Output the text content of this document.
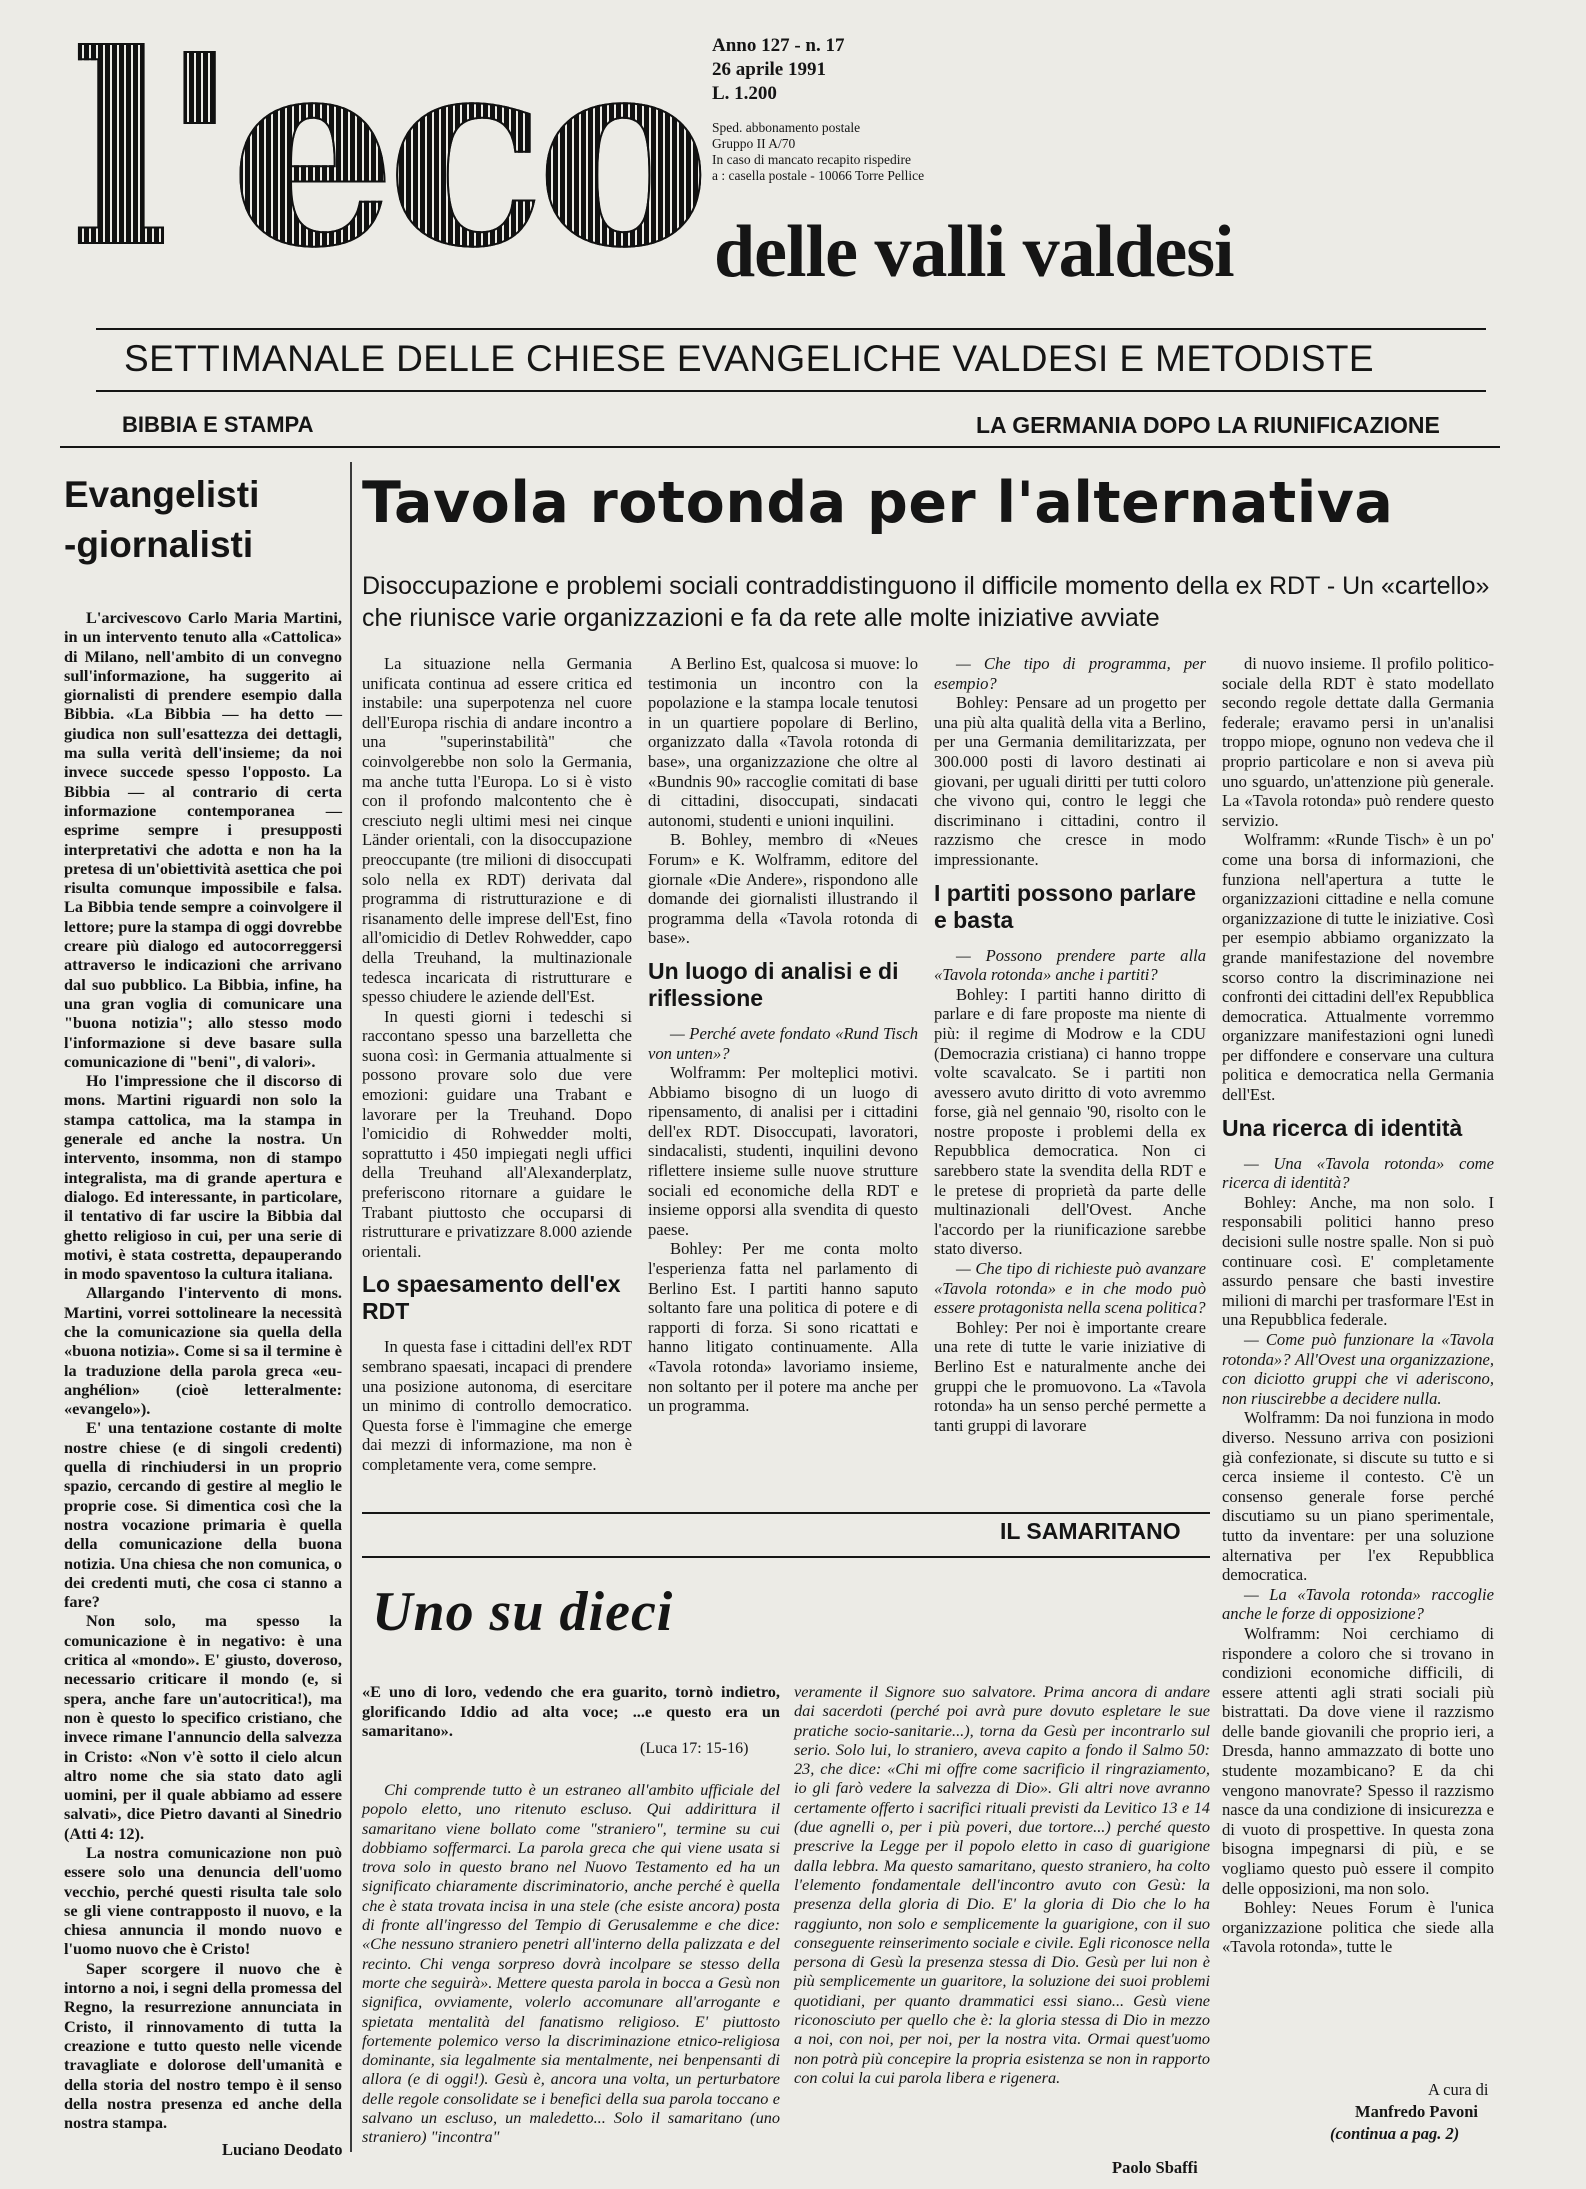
l'eco Anno 127 - n. 17
26 aprile 1991
L. 1.200
Sped. abbonamento postale
Gruppo II A/70
In caso di mancato recapito rispedire
a : casella postale - 10066 Torre Pellice
delle valli valdesi
SETTIMANALE DELLE CHIESE EVANGELICHE VALDESI E METODISTE
BIBBIA E STAMPA	LA GERMANIA DOPO LA RIUNIFICAZIONE
Evangelisti
-giornalisti

L'arcivescovo Carlo Maria Martini, in un intervento tenuto alla «Cattolica» di Milano, nell'ambito di un convegno sull'informazione, ha suggerito ai giornalisti di prendere esempio dalla Bibbia. «La Bibbia — ha detto — giudica non sull'esattezza dei dettagli, ma sulla verità dell'insieme; da noi invece succede spesso l'opposto. La Bibbia — al contrario di certa informazione contemporanea — esprime sempre i presupposti interpretativi che adotta e non ha la pretesa di un'obiettività asettica che poi risulta comunque impossibile e falsa. La Bibbia tende sempre a coinvolgere il lettore; pure la stampa di oggi dovrebbe creare più dialogo ed autocorreggersi attraverso le indicazioni che arrivano dal suo pubblico. La Bibbia, infine, ha una gran voglia di comunicare una "buona notizia"; allo stesso modo l'informazione si deve basare sulla comunicazione di "beni", di valori».

Ho l'impressione che il discorso di mons. Martini riguardi non solo la stampa cattolica, ma la stampa in generale ed anche la nostra. Un intervento, insomma, non di stampo integralista, ma di grande apertura e dialogo. Ed interessante, in particolare, il tentativo di far uscire la Bibbia dal ghetto religioso in cui, per una serie di motivi, è stata costretta, depauperando in modo spaventoso la cultura italiana.

Allargando l'intervento di mons. Martini, vorrei sottolineare la necessità che la comunicazione sia quella della «buona notizia». Come si sa il termine è la traduzione della parola greca «eu-anghélion» (cioè letteralmente: «evangelo»).

E' una tentazione costante di molte nostre chiese (e di singoli credenti) quella di rinchiudersi in un proprio spazio, cercando di gestire al meglio le proprie cose. Si dimentica così che la nostra vocazione primaria è quella della comunicazione della buona notizia. Una chiesa che non comunica, o dei credenti muti, che cosa ci stanno a fare?

Non solo, ma spesso la comunicazione è in negativo: è una critica al «mondo». E' giusto, doveroso, necessario criticare il mondo (e, si spera, anche fare un'autocritica!), ma non è questo lo specifico cristiano, che invece rimane l'annuncio della salvezza in Cristo: «Non v'è sotto il cielo alcun altro nome che sia stato dato agli uomini, per il quale abbiamo ad essere salvati», dice Pietro davanti al Sinedrio (Atti 4: 12).

La nostra comunicazione non può essere solo una denuncia dell'uomo vecchio, perché questi risulta tale solo se gli viene contrapposto il nuovo, e la chiesa annuncia il mondo nuovo e l'uomo nuovo che è Cristo!

Saper scorgere il nuovo che è intorno a noi, i segni della promessa del Regno, la resurrezione annunciata in Cristo, il rinnovamento di tutta la creazione e tutto questo nelle vicende travagliate e dolorose dell'umanità e della storia del nostro tempo è il senso della nostra presenza ed anche della nostra stampa.

Luciano Deodato
Tavola rotonda per l'alternativa
Disoccupazione e problemi sociali contraddistinguono il difficile momento della ex RDT - Un «cartello» che riunisce varie organizzazioni e fa da rete alle molte iniziative avviate

La situazione nella Germania unificata continua ad essere critica ed instabile: una superpotenza nel cuore dell'Europa rischia di andare incontro a una "superinstabilità" che coinvolgerebbe non solo la Germania, ma anche tutta l'Europa. Lo si è visto con il profondo malcontento che è cresciuto negli ultimi mesi nei cinque Länder orientali, con la disoccupazione preoccupante (tre milioni di disoccupati solo nella ex RDT) derivata dal programma di ristrutturazione e di risanamento delle imprese dell'Est, fino all'omicidio di Detlev Rohwedder, capo della Treuhand, la multinazionale tedesca incaricata di ristrutturare e spesso chiudere le aziende dell'Est.

In questi giorni i tedeschi si raccontano spesso una barzelletta che suona così: in Germania attualmente si possono provare solo due vere emozioni: guidare una Trabant e lavorare per la Treuhand. Dopo l'omicidio di Rohwedder molti, soprattutto i 450 impiegati negli uffici della Treuhand all'Alexanderplatz, preferiscono ritornare a guidare le Trabant piuttosto che occuparsi di ristrutturare e privatizzare 8.000 aziende orientali.

Lo spaesamento dell'ex RDT

In questa fase i cittadini dell'ex RDT sembrano spaesati, incapaci di prendere una posizione autonoma, di esercitare un minimo di controllo democratico. Questa forse è l'immagine che emerge dai mezzi di informazione, ma non è completamente vera, come sempre.

A Berlino Est, qualcosa si muove: lo testimonia un incontro con la popolazione e la stampa locale tenutosi in un quartiere popolare di Berlino, organizzato dalla «Tavola rotonda di base», una organizzazione che oltre al «Bundnis 90» raccoglie comitati di base di cittadini, disoccupati, sindacati autonomi, studenti e unioni inquilini.

B. Bohley, membro di «Neues Forum» e K. Wolframm, editore del giornale «Die Andere», rispondono alle domande dei giornalisti illustrando il programma della «Tavola rotonda di base».

Un luogo di analisi e di riflessione

— Perché avete fondato «Rund Tisch von unten»?

Wolframm: Per molteplici motivi. Abbiamo bisogno di un luogo di ripensamento, di analisi per i cittadini dell'ex RDT. Disoccupati, lavoratori, sindacalisti, studenti, inquilini devono riflettere insieme sulle nuove strutture sociali ed economiche della RDT e insieme opporsi alla svendita di questo paese.

Bohley: Per me conta molto l'esperienza fatta nel parlamento di Berlino Est. I partiti hanno saputo soltanto fare una politica di potere e di rapporti di forza. Si sono ricattati e hanno litigato continuamente. Alla «Tavola rotonda» lavoriamo insieme, non soltanto per il potere ma anche per un programma.

— Che tipo di programma, per esempio?

Bohley: Pensare ad un progetto per una più alta qualità della vita a Berlino, per una Germania demilitarizzata, per 300.000 posti di lavoro destinati ai giovani, per uguali diritti per tutti coloro che vivono qui, contro le leggi che discriminano i cittadini, contro il razzismo che cresce in modo impressionante.

I partiti possono parlare e basta

— Possono prendere parte alla «Tavola rotonda» anche i partiti?

Bohley: I partiti hanno diritto di parlare e di fare proposte ma niente di più: il regime di Modrow e la CDU (Democrazia cristiana) ci hanno troppe volte scavalcato. Se i partiti non avessero avuto diritto di voto avremmo forse, già nel gennaio '90, risolto con le nostre proposte i problemi della ex Repubblica democratica. Non ci sarebbero state la svendita della RDT e le pretese di proprietà da parte delle multinazionali dell'Ovest. Anche l'accordo per la riunificazione sarebbe stato diverso.

— Che tipo di richieste può avanzare «Tavola rotonda» e in che modo può essere protagonista nella scena politica?

Bohley: Per noi è importante creare una rete di tutte le varie iniziative di Berlino Est e naturalmente anche dei gruppi che le promuovono. La «Tavola rotonda» ha un senso perché permette a tanti gruppi di lavorare

di nuovo insieme. Il profilo politico-sociale della RDT è stato modellato secondo regole dettate dalla Germania federale; eravamo persi in un'analisi troppo miope, ognuno non vedeva che il proprio particolare e non si aveva più uno sguardo, un'attenzione più generale. La «Tavola rotonda» può rendere questo servizio.

Wolframm: «Runde Tisch» è un po' come una borsa di informazioni, che funziona nell'apertura a tutte le organizzazioni cittadine e nella comune organizzazione di tutte le iniziative. Così per esempio abbiamo organizzato la grande manifestazione del novembre scorso contro la discriminazione nei confronti dei cittadini dell'ex Repubblica democratica. Attualmente vorremmo organizzare manifestazioni ogni lunedì per diffondere e conservare una cultura politica e democratica nella Germania dell'Est.

Una ricerca di identità

— Una «Tavola rotonda» come ricerca di identità?

Bohley: Anche, ma non solo. I responsabili politici hanno preso decisioni sulle nostre spalle. Non si può continuare così. E' completamente assurdo pensare che basti investire milioni di marchi per trasformare l'Est in una Repubblica federale.

— Come può funzionare la «Tavola rotonda»? All'Ovest una organizzazione, con diciotto gruppi che vi aderiscono, non riuscirebbe a decidere nulla.

Wolframm: Da noi funziona in modo diverso. Nessuno arriva con posizioni già confezionate, si discute su tutto e si cerca insieme il contesto. C'è un consenso generale forse perché discutiamo su un piano sperimentale, tutto da inventare: per una soluzione alternativa per l'ex Repubblica democratica.

— La «Tavola rotonda» raccoglie anche le forze di opposizione?

Wolframm: Noi cerchiamo di rispondere a coloro che si trovano in condizioni economiche difficili, di essere attenti agli strati sociali più bistrattati. Da dove viene il razzismo delle bande giovanili che proprio ieri, a Dresda, hanno ammazzato di botte uno studente mozambicano? E da chi vengono manovrate? Spesso il razzismo nasce da una condizione di insicurezza e di vuoto di prospettive. In questa zona bisogna impegnarsi di più, e se vogliamo questo può essere il compito delle opposizioni, ma non solo.

Bohley: Neues Forum è l'unica organizzazione politica che siede alla «Tavola rotonda», tutte le

A cura di
Manfredo Pavoni
(continua a pag. 2)
IL SAMARITANO
Uno su dieci
«E uno di loro, vedendo che era guarito, tornò indietro, glorificando Iddio ad alta voce; ...e questo era un samaritano».
(Luca 17: 15-16)
Chi comprende tutto è un estraneo all'ambito ufficiale del popolo eletto, uno ritenuto escluso. Qui addirittura il samaritano viene bollato come "straniero", termine su cui dobbiamo soffermarci. La parola greca che qui viene usata si trova solo in questo brano nel Nuovo Testamento ed ha un significato chiaramente discriminatorio, anche perché è quella che è stata trovata incisa in una stele (che esiste ancora) posta di fronte all'ingresso del Tempio di Gerusalemme e che dice: «Che nessuno straniero penetri all'interno della palizzata e del recinto. Chi venga sorpreso dovrà incolpare se stesso della morte che seguirà». Mettere questa parola in bocca a Gesù non significa, ovviamente, volerlo accomunare all'arrogante e spietata mentalità del fanatismo religioso. E' piuttosto fortemente polemico verso la discriminazione etnico-religiosa dominante, sia legalmente sia mentalmente, nei benpensanti di allora (e di oggi!). Gesù è, ancora una volta, un perturbatore delle regole consolidate se i benefici della sua parola toccano e salvano un escluso, un maledetto... Solo il samaritano (uno straniero) "incontra"
veramente il Signore suo salvatore. Prima ancora di andare dai sacerdoti (perché poi avrà pure dovuto espletare le sue pratiche socio-sanitarie...), torna da Gesù per incontrarlo sul serio. Solo lui, lo straniero, aveva capito a fondo il Salmo 50: 23, che dice: «Chi mi offre come sacrificio il ringraziamento, io gli farò vedere la salvezza di Dio». Gli altri nove avranno certamente offerto i sacrifici rituali previsti da Levitico 13 e 14 (due agnelli o, per i più poveri, due tortore...) perché questo prescrive la Legge per il popolo eletto in caso di guarigione dalla lebbra. Ma questo samaritano, questo straniero, ha colto l'elemento fondamentale dell'incontro avuto con Gesù: la presenza della gloria di Dio. E' la gloria di Dio che lo ha raggiunto, non solo e semplicemente la guarigione, con il suo conseguente reinserimento sociale e civile. Egli riconosce nella persona di Gesù la presenza stessa di Dio. Gesù per lui non è più semplicemente un guaritore, la soluzione dei suoi problemi quotidiani, per quanto drammatici essi siano... Gesù viene riconosciuto per quello che è: la gloria stessa di Dio in mezzo a noi, con noi, per noi, per la nostra vita. Ormai quest'uomo non potrà più concepire la propria esistenza se non in rapporto con colui la cui parola libera e rigenera.
Paolo Sbaffi
